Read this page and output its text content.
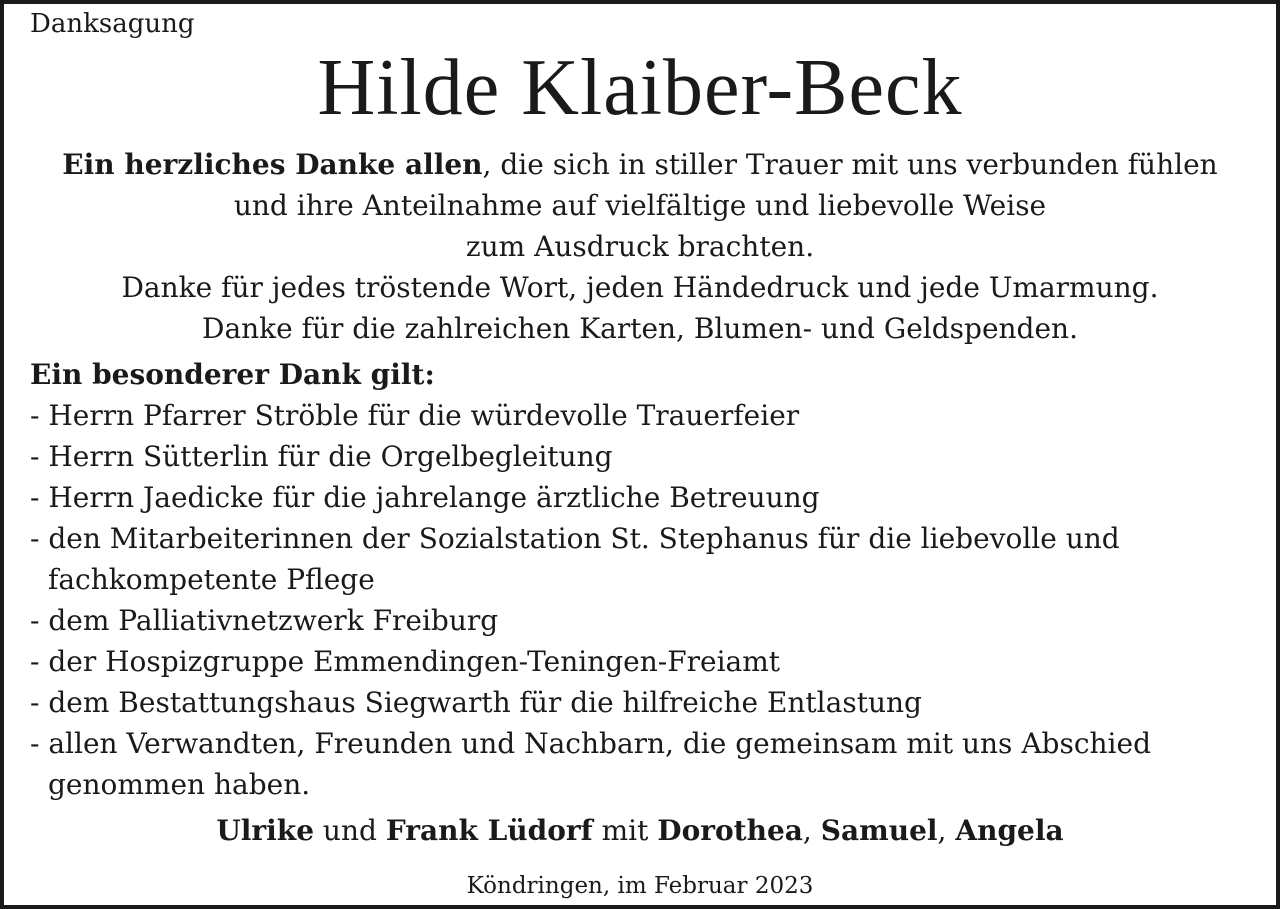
Danksagung
Hilde Klaiber-Beck

Ein herzliches Danke allen, die sich in stiller Trauer mit uns verbunden fühlen

und ihre Anteilnahme auf vielfältige und liebevolle Weise

zum Ausdruck brachten.

Danke für jedes tröstende Wort, jeden Händedruck und jede Umarmung.

Danke für die zahlreichen Karten, Blumen- und Geldspenden.

Ein besonderer Dank gilt:
- Herrn Pfarrer Ströble für die würdevolle Trauerfeier
- Herrn Sütterlin für die Orgelbegleitung
- Herrn Jaedicke für die jahrelange ärztliche Betreuung
- den Mitarbeiterinnen der Sozialstation St. Stephanus für die liebevolle und fachkompetente Pflege
- dem Palliativnetzwerk Freiburg
- der Hospizgruppe Emmendingen-Teningen-Freiamt
- dem Bestattungshaus Siegwarth für die hilfreiche Entlastung
- allen Verwandten, Freunden und Nachbarn, die gemeinsam mit uns Abschied genommen haben.
Ulrike und Frank Lüdorf mit Dorothea, Samuel, Angela
Köndringen, im Februar 2023
